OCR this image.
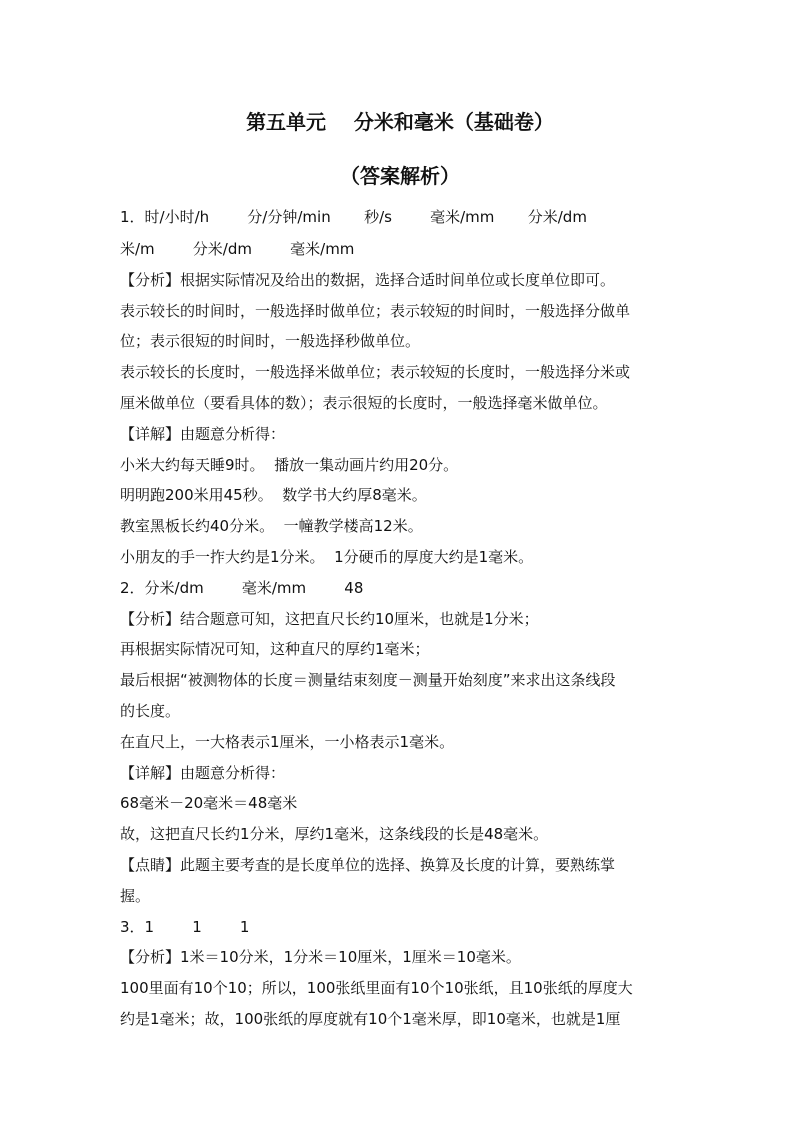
第五单元    分米和毫米（基础卷）
（答案解析）
1．时/小时/h        分/分钟/min       秒/s        毫米/mm       分米/dm
米/m        分米/dm        毫米/mm
【分析】根据实际情况及给出的数据，选择合适时间单位或长度单位即可。
表示较长的时间时，一般选择时做单位；表示较短的时间时，一般选择分做单
位；表示很短的时间时，一般选择秒做单位。
表示较长的长度时，一般选择米做单位；表示较短的长度时，一般选择分米或
厘米做单位（要看具体的数）；表示很短的长度时，一般选择毫米做单位。
【详解】由题意分析得：
小米大约每天睡9时。  播放一集动画片约用20分。
明明跑200米用45秒。  数学书大约厚8毫米。
教室黑板长约40分米。  一幢教学楼高12米。
小朋友的手一拃大约是1分米。  1分硬币的厚度大约是1毫米。
2．分米/dm        毫米/mm        48
【分析】结合题意可知，这把直尺长约10厘米，也就是1分米；
再根据实际情况可知，这种直尺的厚约1毫米；
最后根据“被测物体的长度＝测量结束刻度－测量开始刻度”来求出这条线段
的长度。
在直尺上，一大格表示1厘米，一小格表示1毫米。
【详解】由题意分析得：
68毫米－20毫米＝48毫米
故，这把直尺长约1分米，厚约1毫米，这条线段的长是48毫米。
【点睛】此题主要考查的是长度单位的选择、换算及长度的计算，要熟练掌
握。
3．1        1        1
【分析】1米＝10分米，1分米＝10厘米，1厘米＝10毫米。
100里面有10个10；所以，100张纸里面有10个10张纸，且10张纸的厚度大
约是1毫米；故，100张纸的厚度就有10个1毫米厚，即10毫米，也就是1厘
